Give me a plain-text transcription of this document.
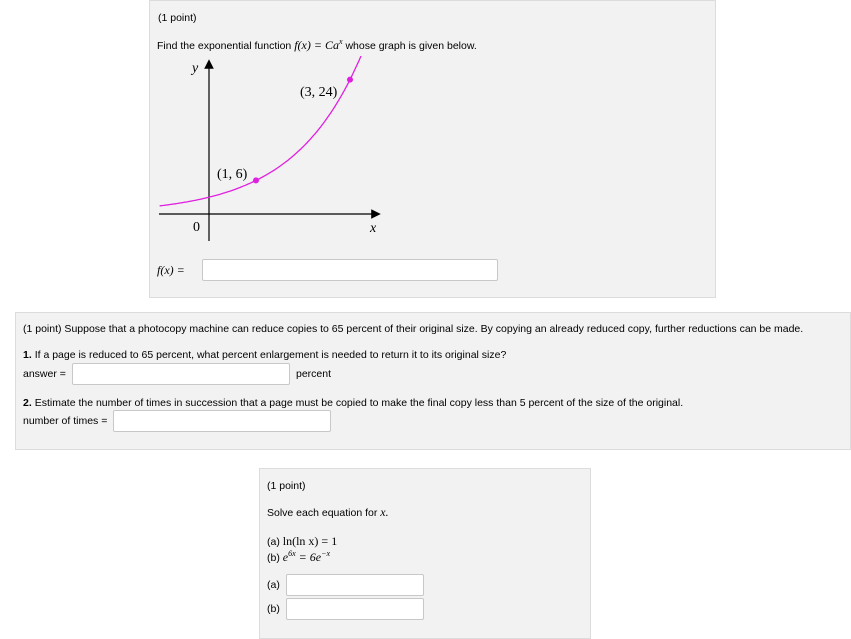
(1 point)
Find the exponential function $f(x) = Ca^x$ whose graph is given below.
y
x
0
(1, 6)
(3, 24)
f(x) =
(1 point) Suppose that a photocopy machine can reduce copies to 65 percent of their original size. By copying an already reduced copy, further reductions can be made.
1. If a page is reduced to 65 percent, what percent enlargement is needed to return it to its original size?
answer =	percent
2. Estimate the number of times in succession that a page must be copied to make the final copy less than 5 percent of the size of the original.
number of times =
(1 point)
Solve each equation for x.
(a) ln(ln x) = 1
(b) $e^{6x} = 6e^{-x}$
(a)
(b)
